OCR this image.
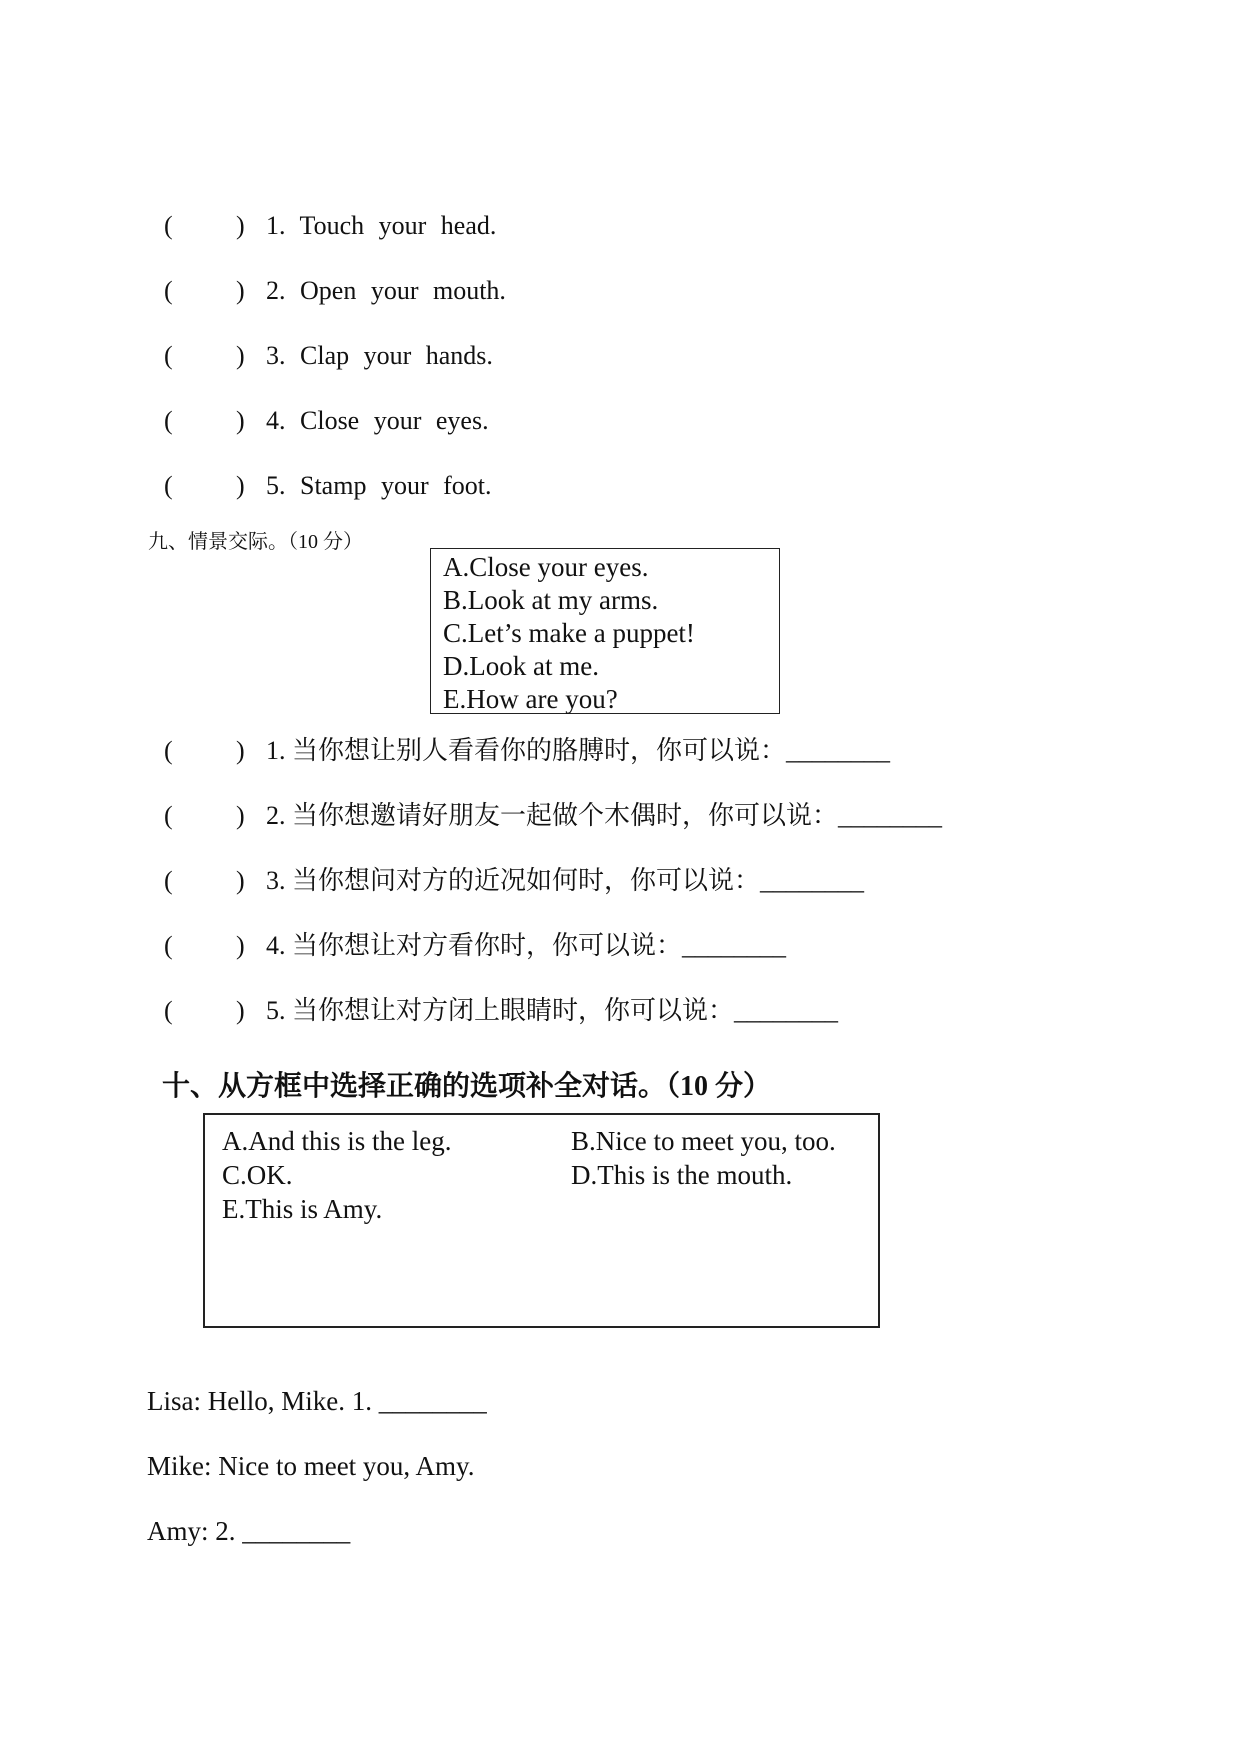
( ) 1. Touch your head.
( ) 2. Open your mouth.
( ) 3. Clap your hands.
( ) 4. Close your eyes.
( ) 5. Stamp your foot.
九、情景交际。（10 分）
A.Close your eyes.
B.Look at my arms.
C.Let’s make a puppet!
D.Look at me.
E.How are you?
( ) 1. 当你想让别人看看你的胳膊时，你可以说：________
( ) 2. 当你想邀请好朋友一起做个木偶时，你可以说：________
( ) 3. 当你想问对方的近况如何时，你可以说：________
( ) 4. 当你想让对方看你时，你可以说：________
( ) 5. 当你想让对方闭上眼睛时，你可以说：________
十、从方框中选择正确的选项补全对话。（10 分）
A.And this is the leg.	B.Nice to meet you, too.
C.OK.	D.This is the mouth.
E.This is Amy.
Lisa: Hello, Mike. 1. ________
Mike: Nice to meet you, Amy.
Amy: 2. ________
